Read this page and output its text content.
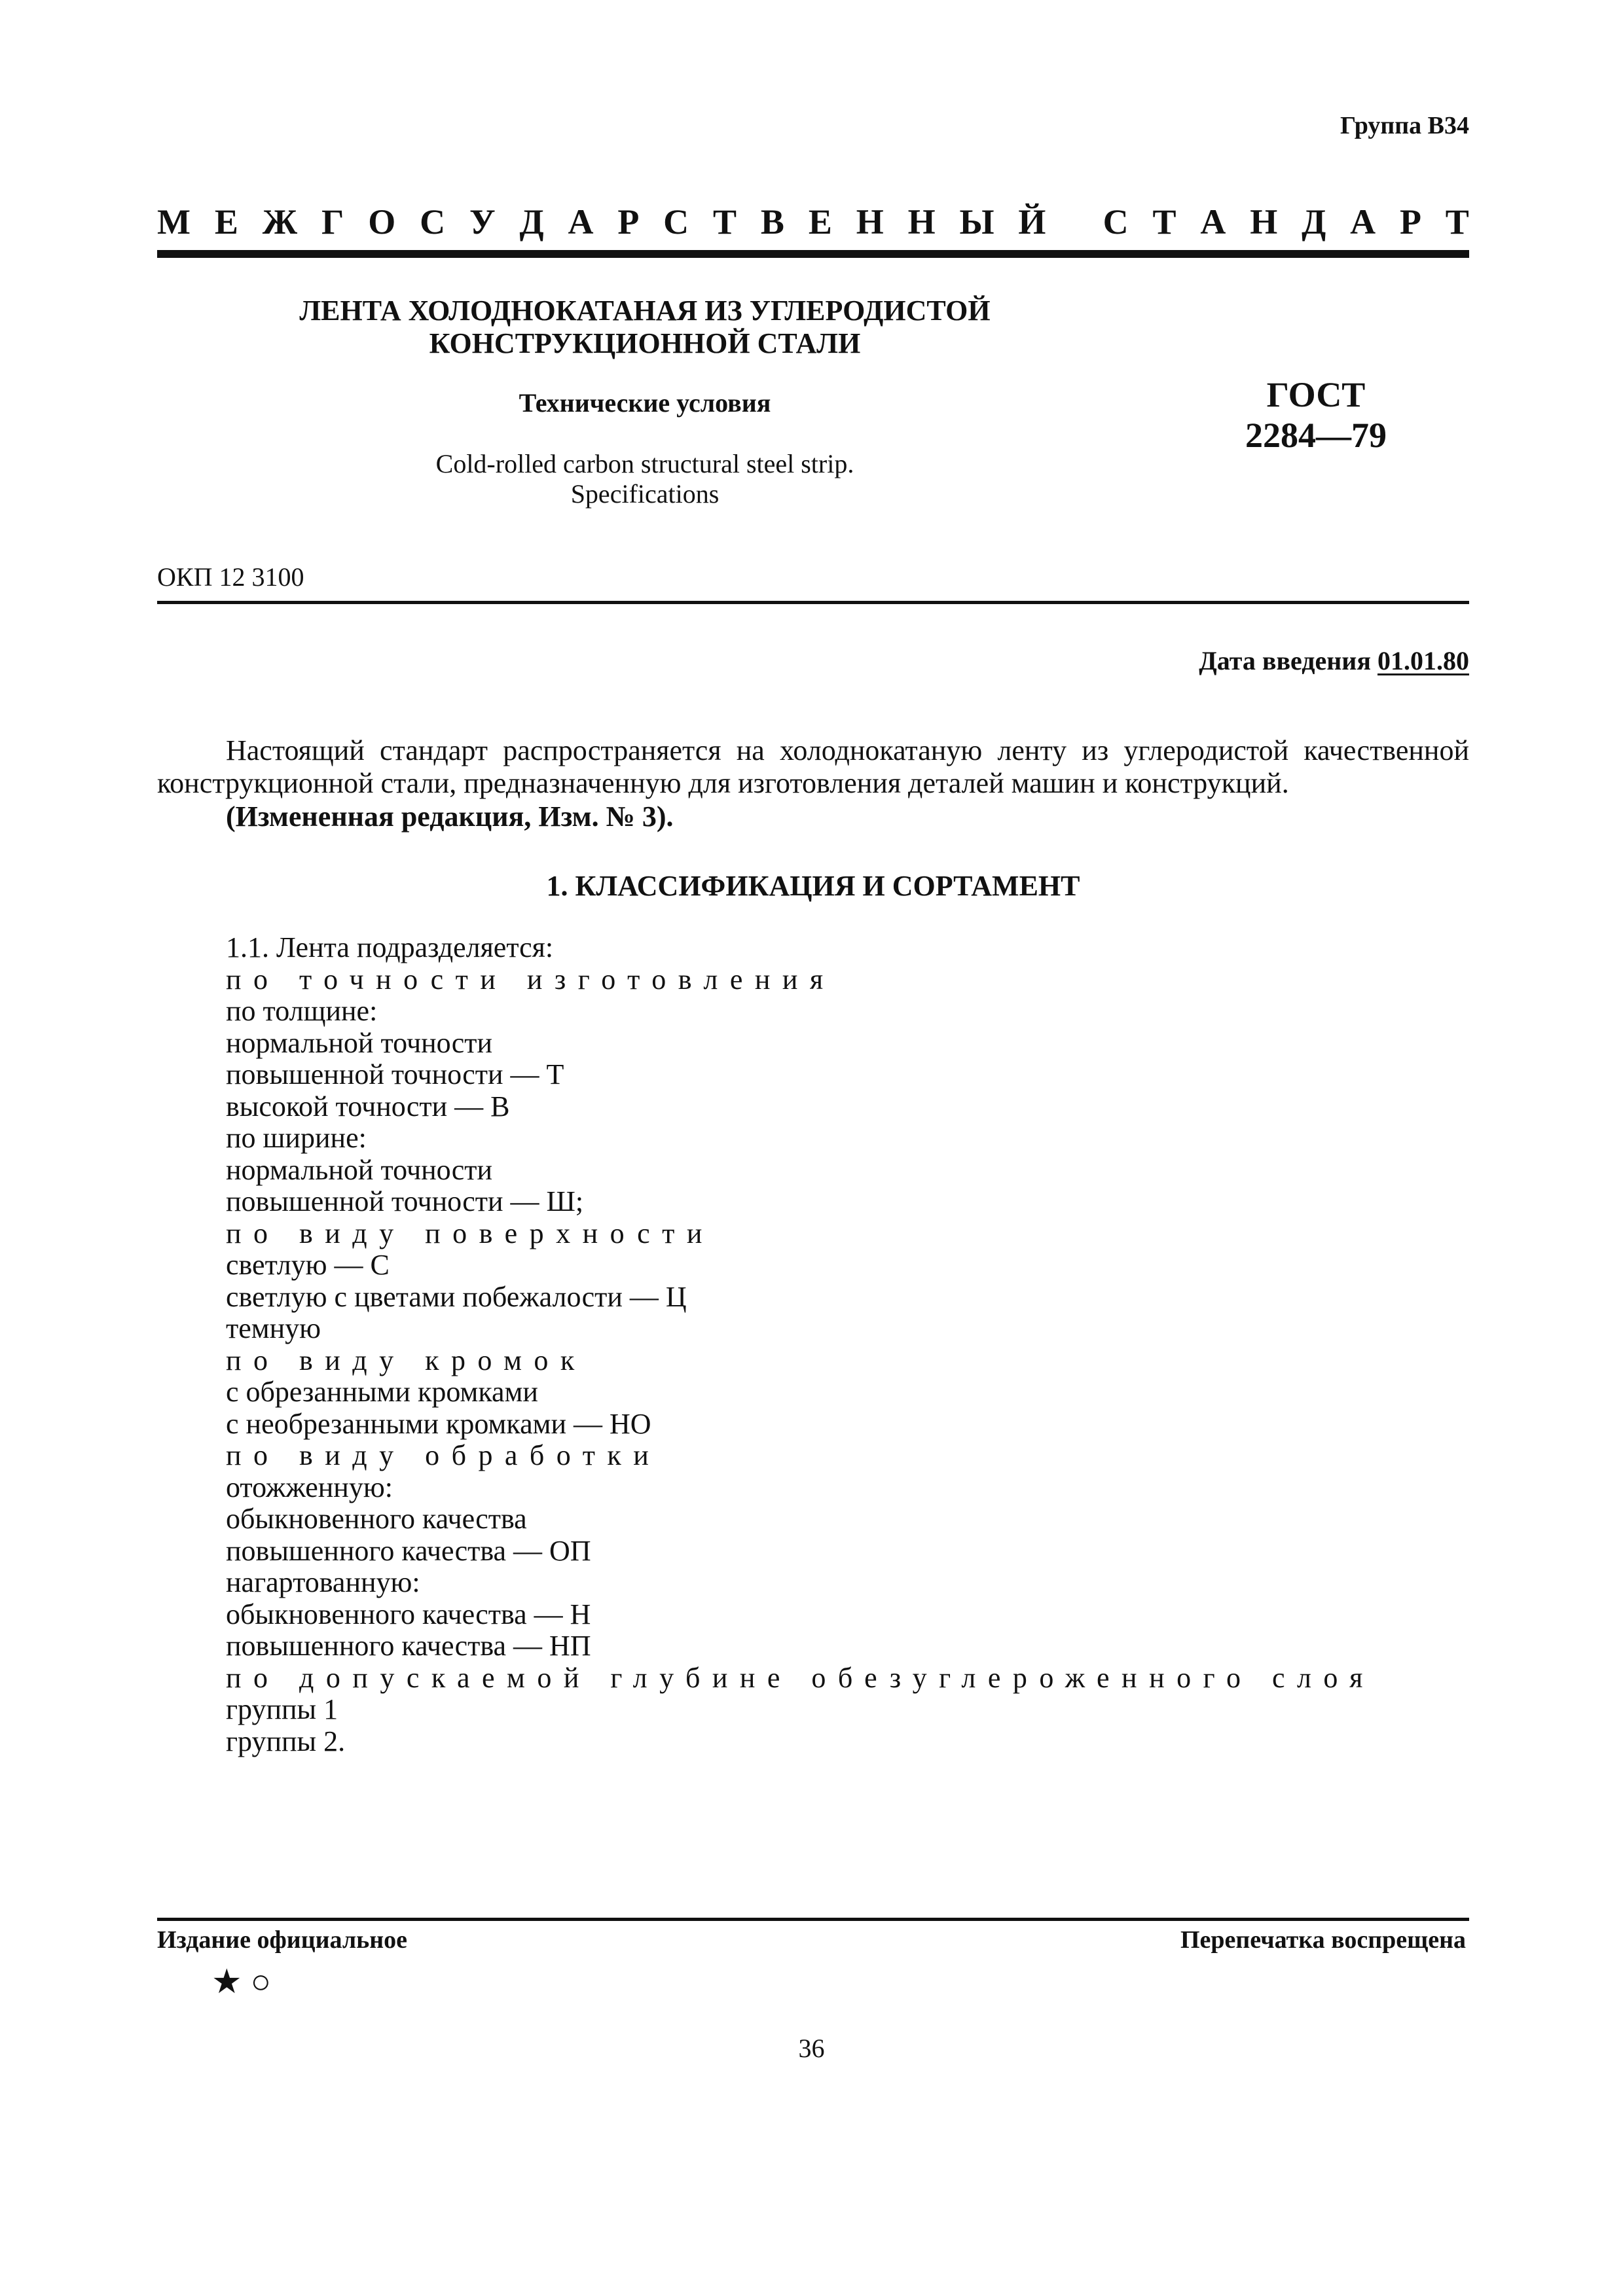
Группа В34
М Е Ж Г О С У Д А Р С Т В Е Н Н Ы Й
С Т А Н Д А Р Т
ЛЕНТА ХОЛОДНОКАТАНАЯ ИЗ УГЛЕРОДИСТОЙ
КОНСТРУКЦИОННОЙ СТАЛИ
Технические условия
Cold-rolled carbon structural steel strip.
Specifications
ГОСТ
2284—79
ОКП 12 3100
Дата введения 01.01.80
Настоящий стандарт распространяется на холоднокатаную ленту из углеродистой качественной конструкционной стали, предназначенную для изготовления деталей машин и конструкций.
(Измененная редакция, Изм. № 3).
1. КЛАССИФИКАЦИЯ И СОРТАМЕНТ
1.1. Лента подразделяется:
по точности изготовления
по толщине:
нормальной точности
повышенной точности — Т
высокой точности — В
по ширине:
нормальной точности
повышенной точности — Ш;
по виду поверхности
светлую — С
светлую с цветами побежалости — Ц
темную
по виду кромок
с обрезанными кромками
с необрезанными кромками — НО
по виду обработки
отожженную:
обыкновенного качества
повышенного качества — ОП
нагартованную:
обыкновенного качества — Н
повышенного качества — НП
по допускаемой глубине обезуглероженного слоя
группы 1
группы 2.
Издание официальное	Перепечатка воспрещена
★ ○
36
